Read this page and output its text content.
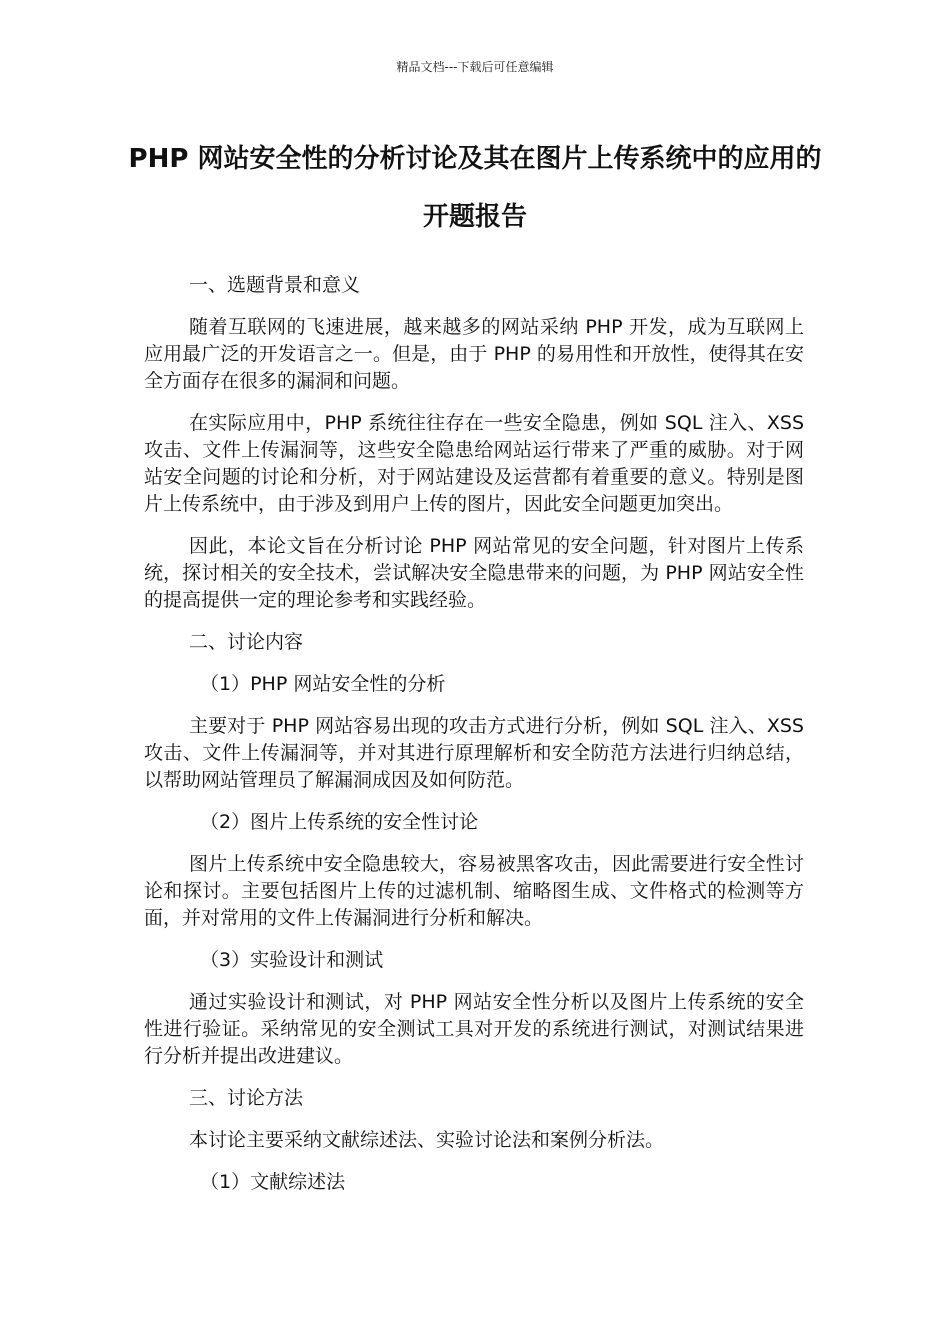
精品文档---下载后可任意编辑
PHP 网站安全性的分析讨论及其在图片上传系统中的应用的开题报告

一、选题背景和意义

随着互联网的飞速进展，越来越多的网站采纳 PHP 开发，成为互联网上应用最广泛的开发语言之一。但是，由于 PHP 的易用性和开放性，使得其在安全方面存在很多的漏洞和问题。

在实际应用中，PHP 系统往往存在一些安全隐患，例如 SQL 注入、XSS 攻击、文件上传漏洞等，这些安全隐患给网站运行带来了严重的威胁。对于网站安全问题的讨论和分析，对于网站建设及运营都有着重要的意义。特别是图片上传系统中，由于涉及到用户上传的图片，因此安全问题更加突出。

因此，本论文旨在分析讨论 PHP 网站常见的安全问题，针对图片上传系统，探讨相关的安全技术，尝试解决安全隐患带来的问题，为 PHP 网站安全性的提高提供一定的理论参考和实践经验。

二、讨论内容

（1）PHP 网站安全性的分析

主要对于 PHP 网站容易出现的攻击方式进行分析，例如 SQL 注入、XSS 攻击、文件上传漏洞等，并对其进行原理解析和安全防范方法进行归纳总结，以帮助网站管理员了解漏洞成因及如何防范。

（2）图片上传系统的安全性讨论

图片上传系统中安全隐患较大，容易被黑客攻击，因此需要进行安全性讨论和探讨。主要包括图片上传的过滤机制、缩略图生成、文件格式的检测等方面，并对常用的文件上传漏洞进行分析和解决。

（3）实验设计和测试

通过实验设计和测试，对 PHP 网站安全性分析以及图片上传系统的安全性进行验证。采纳常见的安全测试工具对开发的系统进行测试，对测试结果进行分析并提出改进建议。

三、讨论方法

本讨论主要采纳文献综述法、实验讨论法和案例分析法。

（1）文献综述法
